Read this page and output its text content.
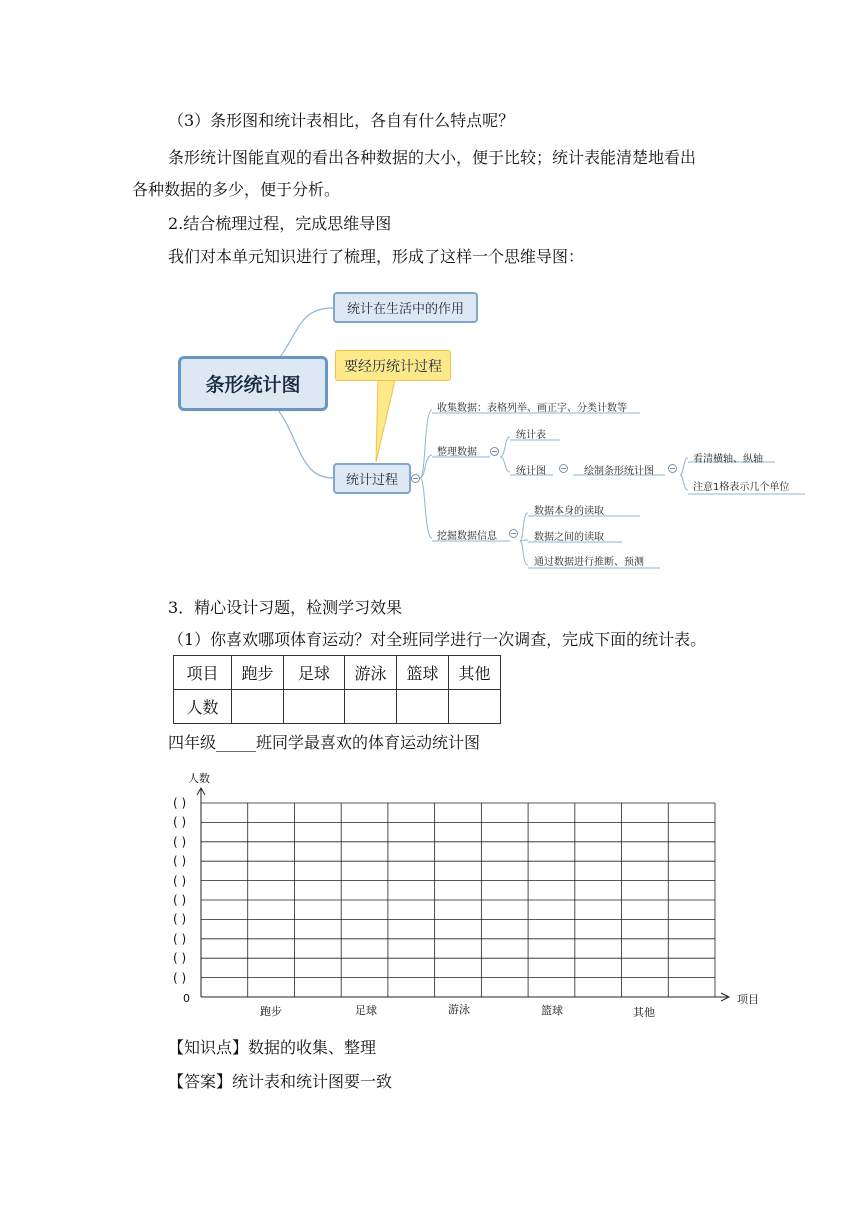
（3）条形图和统计表相比，各自有什么特点呢？
条形统计图能直观的看出各种数据的大小，便于比较；统计表能清楚地看出
各种数据的多少，便于分析。
2.结合梳理过程，完成思维导图
我们对本单元知识进行了梳理，形成了这样一个思维导图：
条形统计图
统计在生活中的作用
要经历统计过程
统计过程
收集数据：表格列举、画正字、分类计数等
整理数据
统计表
统计图	绘制条形统计图
看清横轴、纵轴
注意1格表示几个单位
挖掘数据信息
数据本身的读取
数据之间的读取
通过数据进行推断、预测
3．精心设计习题，检测学习效果
（1）你喜欢哪项体育运动？对全班同学进行一次调查，完成下面的统计表。
项目	跑步	足球	游泳	篮球	其他
人数					
四年级_____班同学最喜欢的体育运动统计图
人数
项目
0
( )
( )
( )
( )
( )
( )
( )
( )
( )
( )
跑步	足球	游泳	篮球	其他
【知识点】数据的收集、整理
【答案】统计表和统计图要一致
